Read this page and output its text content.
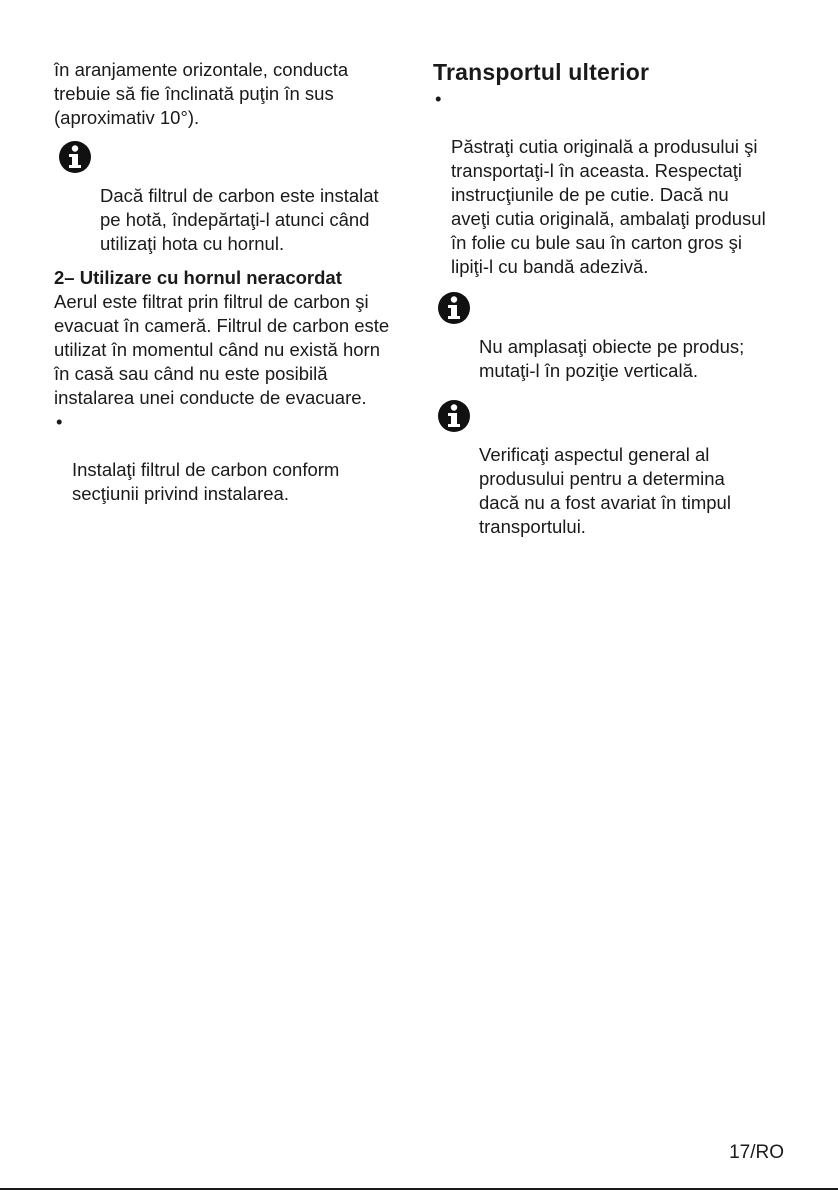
în aranjamente orizontale, conducta
trebuie să fie înclinată puţin în sus
(aproximativ 10°).

Dacă filtrul de carbon este instalat
pe hotă, îndepărtaţi-l atunci când
utilizaţi hota cu hornul.

2– Utilizare cu hornul neracordat

Aerul este filtrat prin filtrul de carbon şi
evacuat în cameră. Filtrul de carbon este
utilizat în momentul când nu există horn
în casă sau când nu este posibilă
instalarea unei conducte de evacuare.

•

Instalaţi filtrul de carbon conform
secţiunii privind instalarea.

Transportul ulterior

•

Păstraţi cutia originală a produsului şi
transportaţi-l în aceasta. Respectaţi
instrucţiunile de pe cutie. Dacă nu
aveţi cutia originală, ambalaţi produsul
în folie cu bule sau în carton gros şi
lipiţi-l cu bandă adezivă.

Nu amplasaţi obiecte pe produs;
mutaţi-l în poziţie verticală.

Verificaţi aspectul general al
produsului pentru a determina
dacă nu a fost avariat în timpul
transportului.

17/RO
